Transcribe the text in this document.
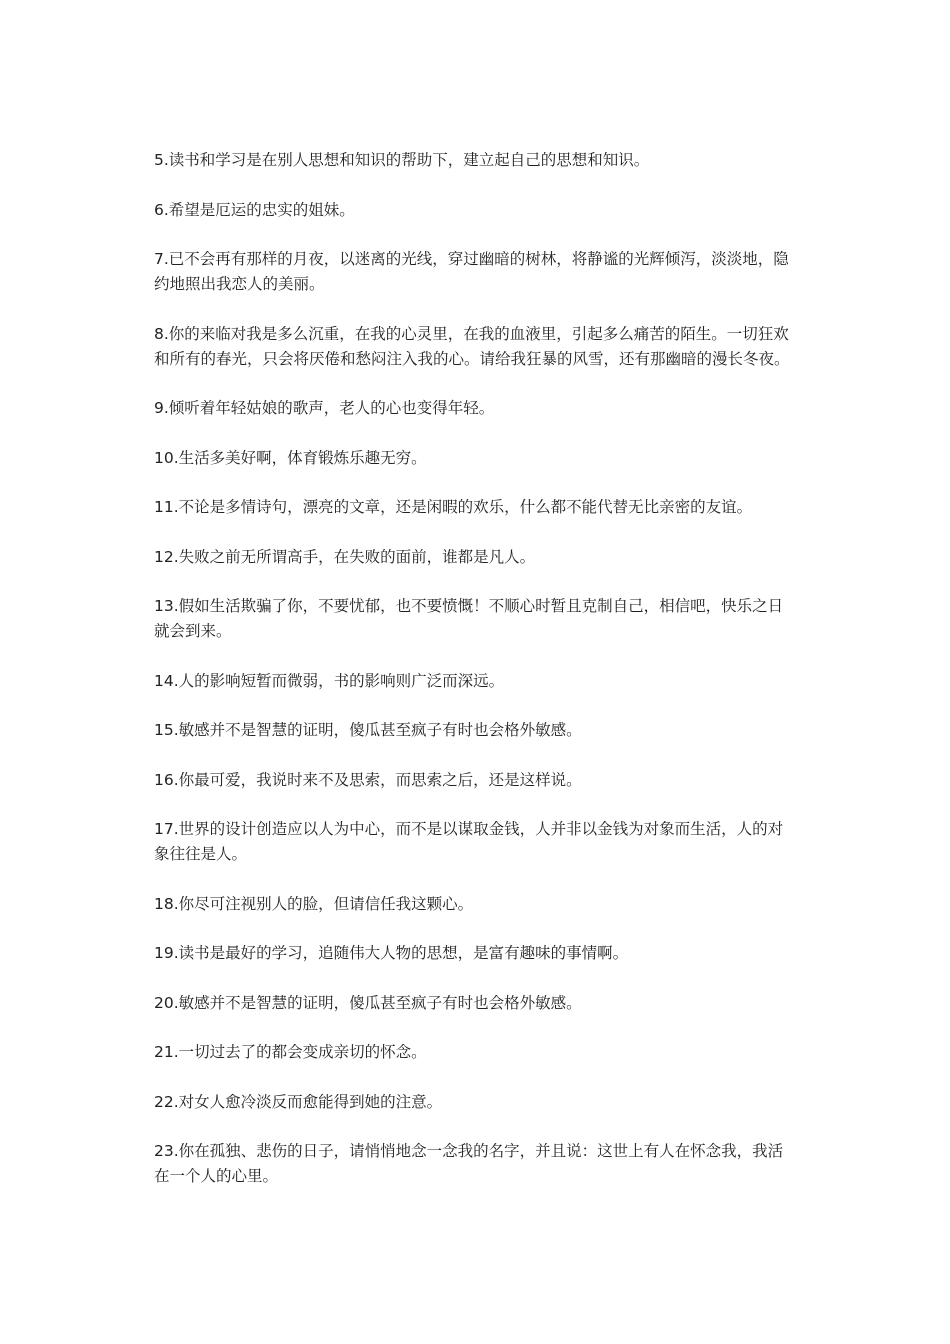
5.读书和学习是在别人思想和知识的帮助下，建立起自己的思想和知识。

6.希望是厄运的忠实的姐妹。

7.已不会再有那样的月夜，以迷离的光线，穿过幽暗的树林，将静谧的光辉倾泻，淡淡地，隐约地照出我恋人的美丽。

8.你的来临对我是多么沉重，在我的心灵里，在我的血液里，引起多么痛苦的陌生。一切狂欢和所有的春光，只会将厌倦和愁闷注入我的心。请给我狂暴的风雪，还有那幽暗的漫长冬夜。

9.倾听着年轻姑娘的歌声，老人的心也变得年轻。

10.生活多美好啊，体育锻炼乐趣无穷。

11.不论是多情诗句，漂亮的文章，还是闲暇的欢乐，什么都不能代替无比亲密的友谊。

12.失败之前无所谓高手，在失败的面前，谁都是凡人。

13.假如生活欺骗了你，不要忧郁，也不要愤慨！不顺心时暂且克制自己，相信吧，快乐之日就会到来。

14.人的影响短暂而微弱，书的影响则广泛而深远。

15.敏感并不是智慧的证明，傻瓜甚至疯子有时也会格外敏感。

16.你最可爱，我说时来不及思索，而思索之后，还是这样说。

17.世界的设计创造应以人为中心，而不是以谋取金钱，人并非以金钱为对象而生活，人的对象往往是人。

18.你尽可注视别人的脸，但请信任我这颗心。

19.读书是最好的学习，追随伟大人物的思想，是富有趣味的事情啊。

20.敏感并不是智慧的证明，傻瓜甚至疯子有时也会格外敏感。

21.一切过去了的都会变成亲切的怀念。

22.对女人愈冷淡反而愈能得到她的注意。

23.你在孤独、悲伤的日子，请悄悄地念一念我的名字，并且说：这世上有人在怀念我，我活在一个人的心里。
